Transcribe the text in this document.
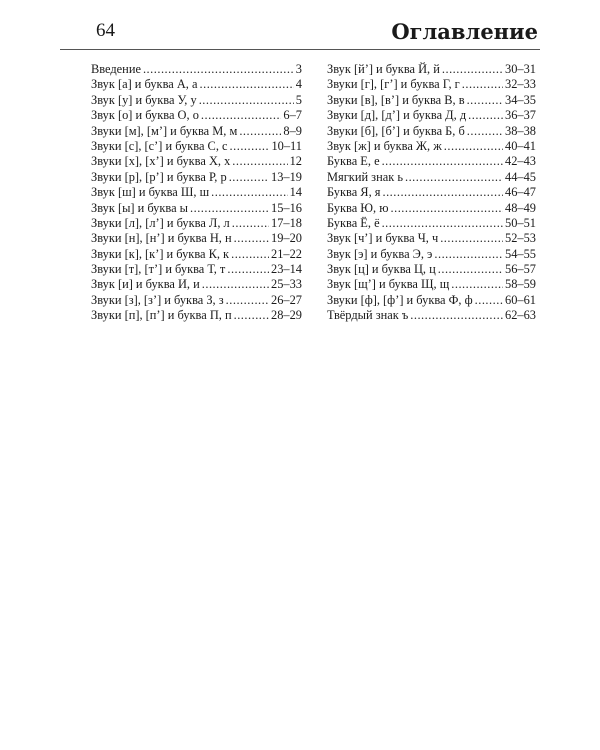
64	Оглавление
Введение .....	3
Звук [а] и буква А, а .....	4
Звук [у] и буква У, у .....	5
Звук [о] и буква О, о .....	6–7
Звуки [м], [м’] и буква М, м .....	8–9
Звуки [с], [с’] и буква С, с .....	10–11
Звуки [х], [х’] и буква Х, х .....	12
Звуки [р], [р’] и буква Р, р .....	13–19
Звук [ш] и буква Ш, ш .....	14
Звук [ы] и буква ы .....	15–16
Звуки [л], [л’] и буква Л, л .....	17–18
Звуки [н], [н’] и буква Н, н .....	19–20
Звуки [к], [к’] и буква К, к .....	21–22
Звуки [т], [т’] и буква Т, т .....	23–14
Звук [и] и буква И, и .....	25–33
Звуки [з], [з’] и буква З, з .....	26–27
Звуки [п], [п’] и буква П, п .....	28–29
Звук [й’] и буква Й, й .....	30–31
Звуки [г], [г’] и буква Г, г .....	32–33
Звуки [в], [в’] и буква В, в .....	34–35
Звуки [д], [д’] и буква Д, д .....	36–37
Звуки [б], [б’] и буква Б, б .....	38–38
Звук [ж] и буква Ж, ж .....	40–41
Буква Е, е .....	42–43
Мягкий знак ь .....	44–45
Буква Я, я .....	46–47
Буква Ю, ю .....	48–49
Буква Ё, ё .....	50–51
Звук [ч’] и буква Ч, ч .....	52–53
Звук [э] и буква Э, э .....	54–55
Звук [ц] и буква Ц, ц .....	56–57
Звук [щ’] и буква Щ, щ .....	58–59
Звуки [ф], [ф’] и буква Ф, ф .....	60–61
Твёрдый знак ъ .....	62–63
